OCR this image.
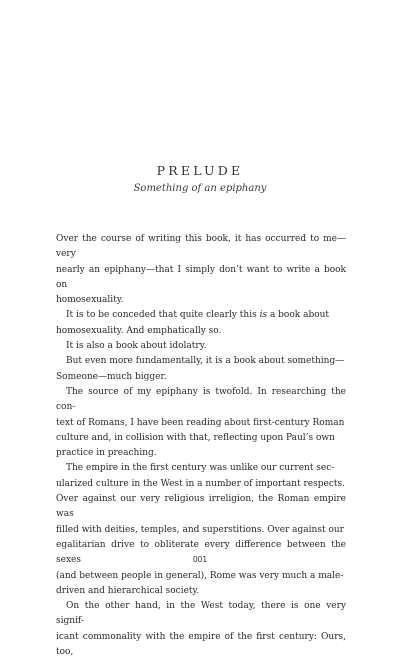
PRELUDE

Something of an epiphany

Over the course of writing this book, it has occurred to me—very
nearly an epiphany—that I simply don’t want to write a book on
homosexuality.

It is to be conceded that quite clearly this is a book about
homosexuality. And emphatically so.

It is also a book about idolatry.

But even more fundamentally, it is a book about something—
Someone—much bigger.

The source of my epiphany is twofold. In researching the con-
text of Romans, I have been reading about first-century Roman
culture and, in collision with that, reflecting upon Paul’s own
practice in preaching.

The empire in the first century was unlike our current sec-
ularized culture in the West in a number of important respects.
Over against our very religious irreligion, the Roman empire was
filled with deities, temples, and superstitions. Over against our
egalitarian drive to obliterate every difference between the sexes
(and between people in general), Rome was very much a male-
driven and hierarchical society.

On the other hand, in the West today, there is one very signif-
icant commonality with the empire of the first century: Ours, too,

001
